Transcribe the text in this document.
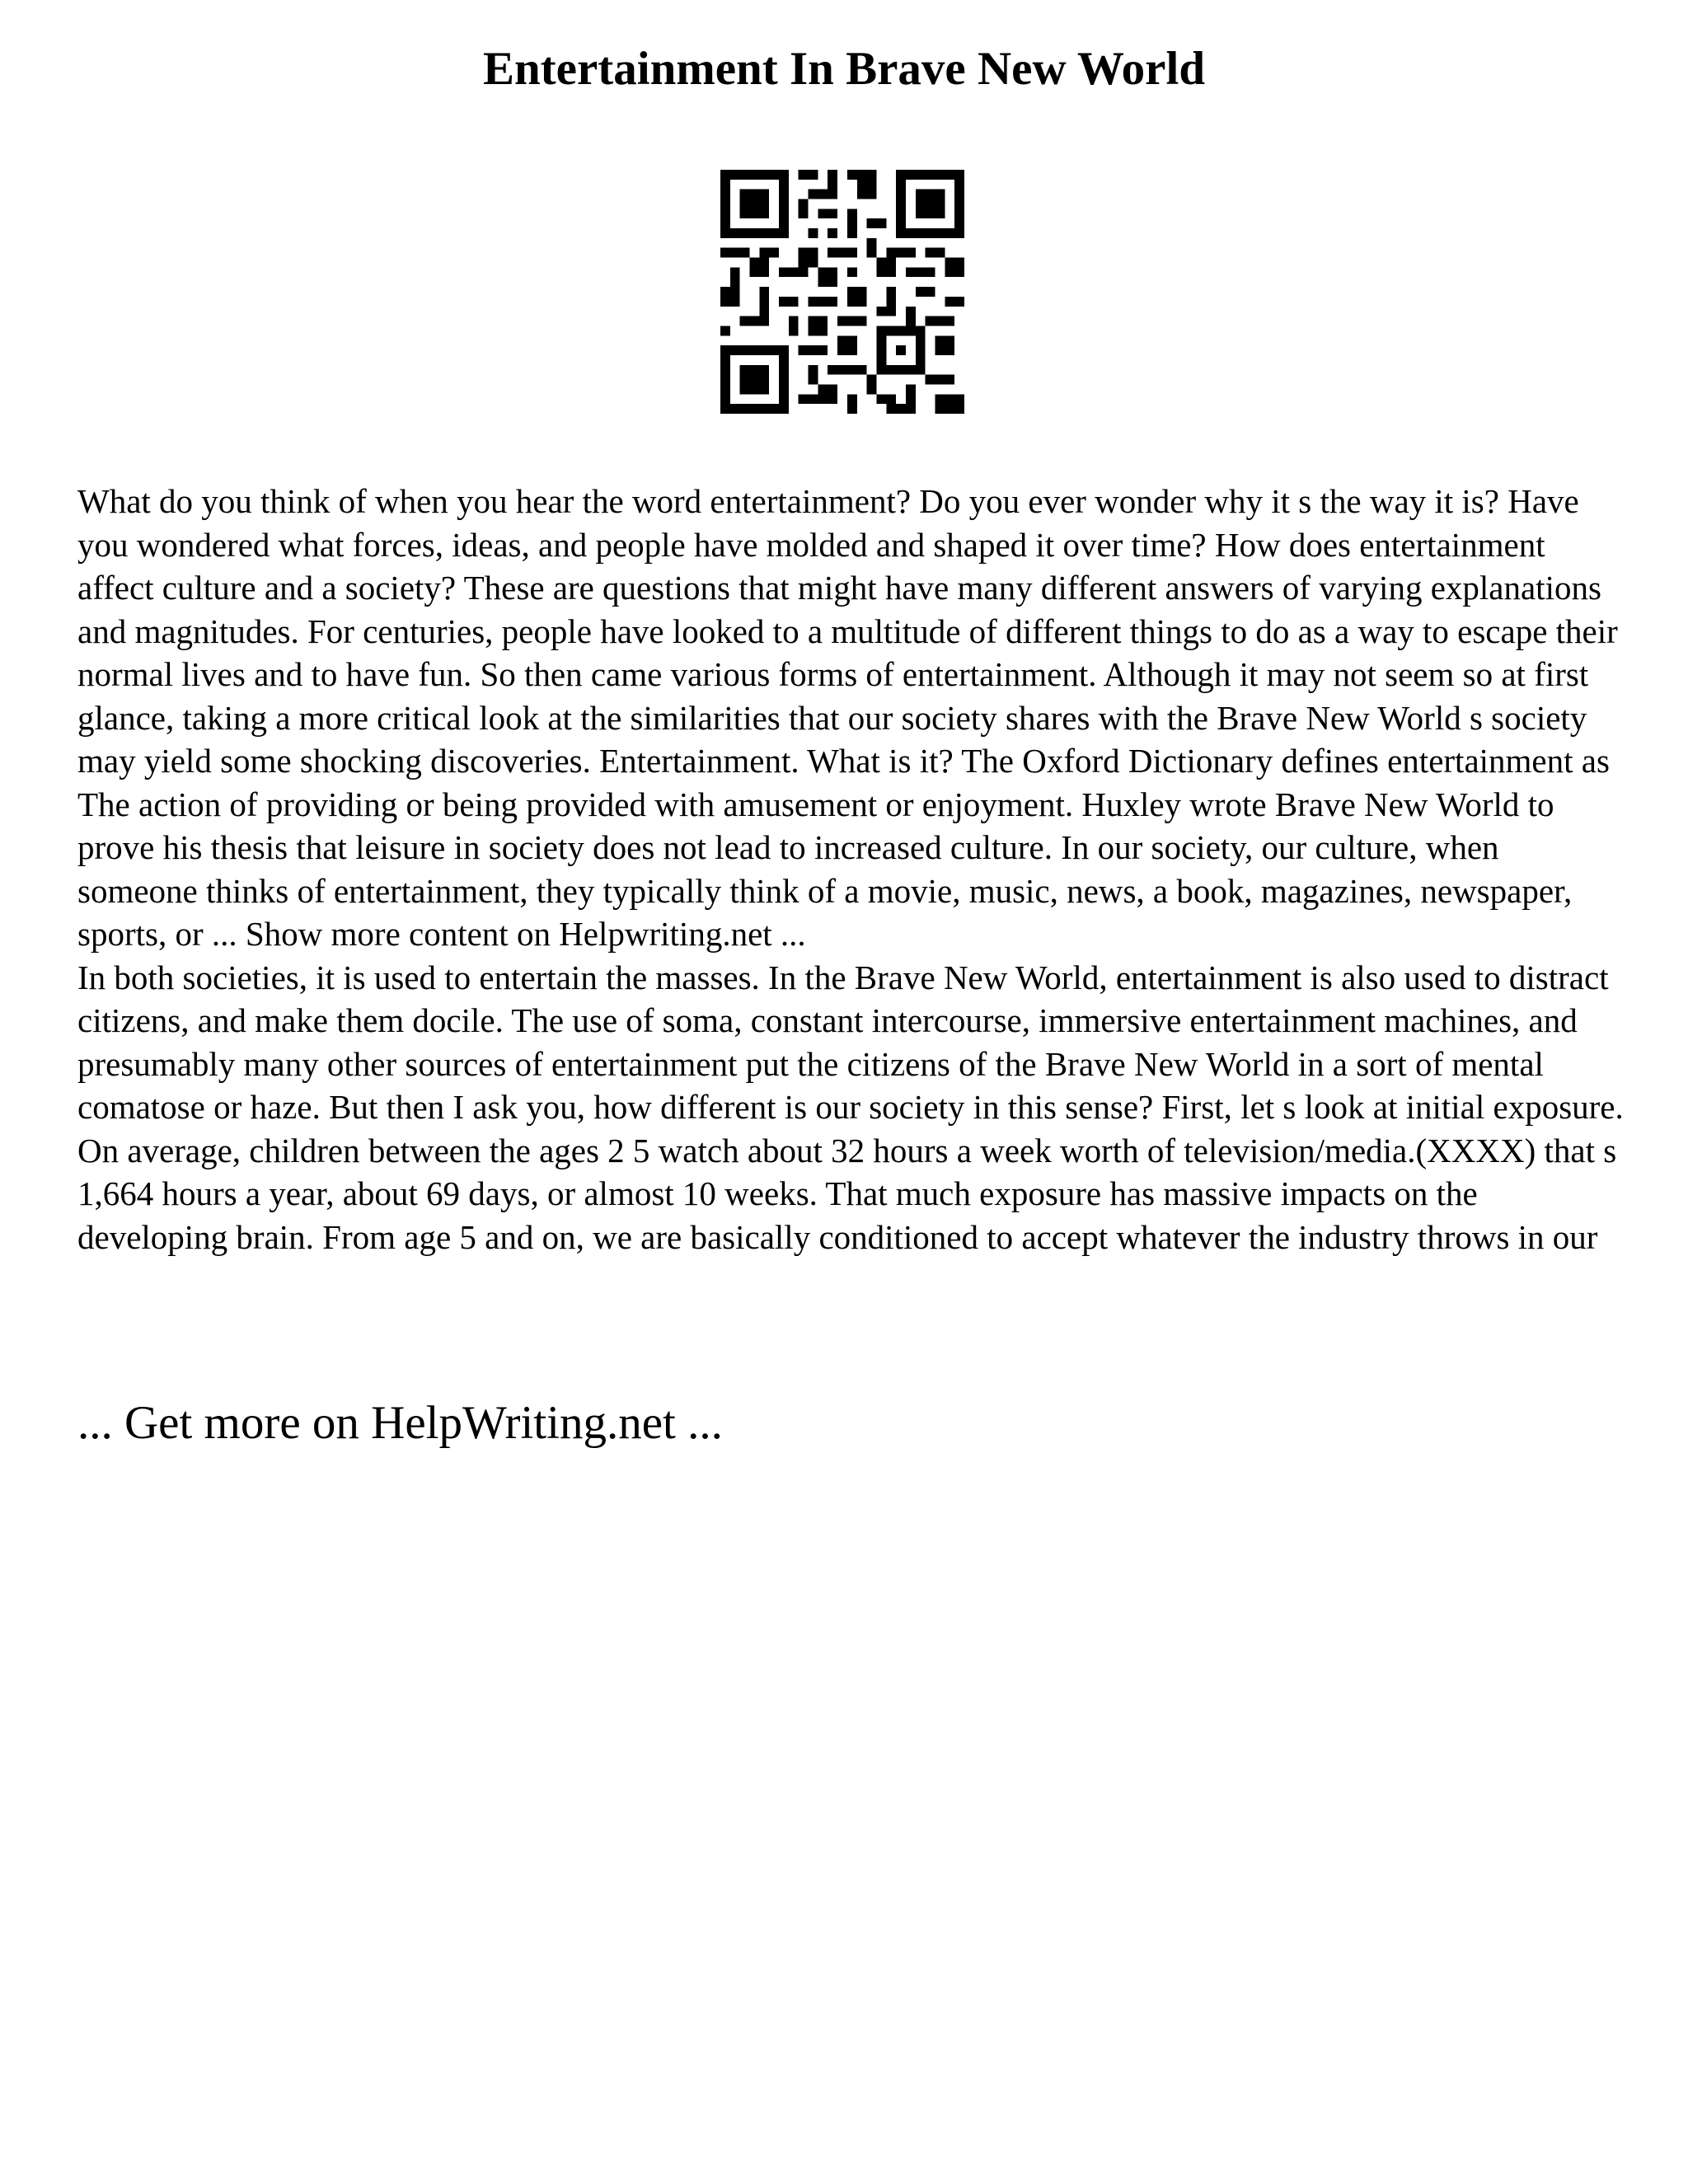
Entertainment In Brave New World

What do you think of when you hear the word entertainment? Do you ever wonder why it s the way it is? Have you wondered what forces, ideas, and people have molded and shaped it over time? How does entertainment affect culture and a society? These are questions that might have many different answers of varying explanations and magnitudes. For centuries, people have looked to a multitude of different things to do as a way to escape their normal lives and to have fun. So then came various forms of entertainment. Although it may not seem so at first glance, taking a more critical look at the similarities that our society shares with the Brave New World s society may yield some shocking discoveries. Entertainment. What is it? The Oxford Dictionary defines entertainment as The action of providing or being provided with amusement or enjoyment. Huxley wrote Brave New World to prove his thesis that leisure in society does not lead to increased culture. In our society, our culture, when someone thinks of entertainment, they typically think of a movie, music, news, a book, magazines, newspaper, sports, or ... Show more content on Helpwriting.net ...

In both societies, it is used to entertain the masses. In the Brave New World, entertainment is also used to distract citizens, and make them docile. The use of soma, constant intercourse, immersive entertainment machines, and presumably many other sources of entertainment put the citizens of the Brave New World in a sort of mental comatose or haze. But then I ask you, how different is our society in this sense? First, let s look at initial exposure. On average, children between the ages 2 5 watch about 32 hours a week worth of television/media.(XXXX) that s 1,664 hours a year, about 69 days, or almost 10 weeks. That much exposure has massive impacts on the developing brain. From age 5 and on, we are basically conditioned to accept whatever the industry throws in our

... Get more on HelpWriting.net ...
